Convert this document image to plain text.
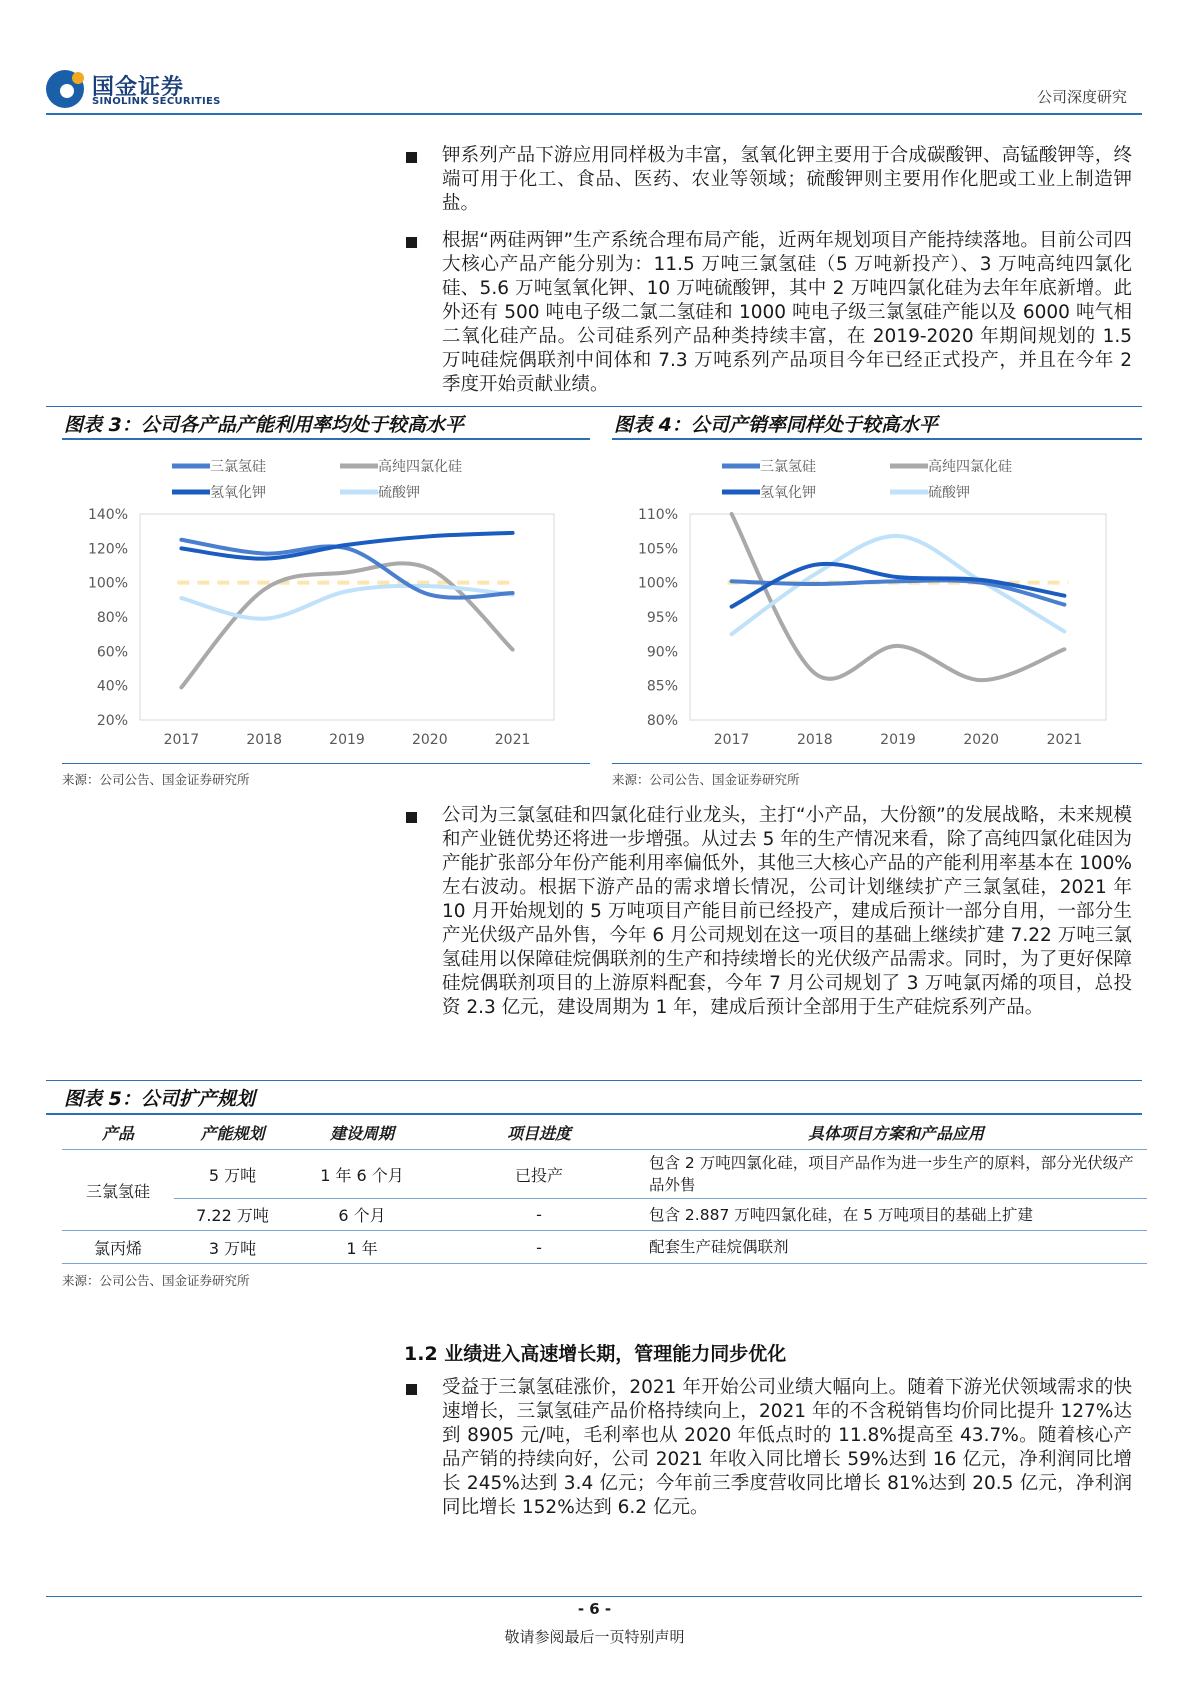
国金证券
SINOLINK SECURITIES	公司深度研究

钾系列产品下游应用同样极为丰富，氢氧化钾主要用于合成碳酸钾、高锰酸钾等，终端可用于化工、食品、医药、农业等领域；硫酸钾则主要用作化肥或工业上制造钾盐。

根据“两硅两钾”生产系统合理布局产能，近两年规划项目产能持续落地。目前公司四大核心产品产能分别为：11.5 万吨三氯氢硅（5 万吨新投产）、3 万吨高纯四氯化硅、5.6 万吨氢氧化钾、10 万吨硫酸钾，其中 2 万吨四氯化硅为去年年底新增。此外还有 500 吨电子级二氯二氢硅和 1000 吨电子级三氯氢硅产能以及 6000 吨气相二氧化硅产品。公司硅系列产品种类持续丰富，在 2019-2020 年期间规划的 1.5 万吨硅烷偶联剂中间体和 7.3 万吨系列产品项目今年已经正式投产，并且在今年 2 季度开始贡献业绩。

图表 3：公司各产品产能利用率均处于较高水平	图表 4：公司产销率同样处于较高水平
20%
40%
60%
80%
100%
120%
140%
2017	2018	2019	2020	2021
三氯氢硅	高纯四氯化硅
氢氧化钾	硫酸钾
80%
85%
90%
95%
100%
105%
110%
2017	2018	2019	2020	2021
三氯氢硅	高纯四氯化硅
氢氧化钾	硫酸钾
来源：公司公告、国金证券研究所	来源：公司公告、国金证券研究所

公司为三氯氢硅和四氯化硅行业龙头，主打“小产品，大份额”的发展战略，未来规模和产业链优势还将进一步增强。从过去 5 年的生产情况来看，除了高纯四氯化硅因为产能扩张部分年份产能利用率偏低外，其他三大核心产品的产能利用率基本在 100%左右波动。根据下游产品的需求增长情况，公司计划继续扩产三氯氢硅，2021 年 10 月开始规划的 5 万吨项目产能目前已经投产，建成后预计一部分自用，一部分生产光伏级产品外售，今年 6 月公司规划在这一项目的基础上继续扩建 7.22 万吨三氯氢硅用以保障硅烷偶联剂的生产和持续增长的光伏级产品需求。同时，为了更好保障硅烷偶联剂项目的上游原料配套，今年 7 月公司规划了 3 万吨氯丙烯的项目，总投资 2.3 亿元，建设周期为 1 年，建成后预计全部用于生产硅烷系列产品。

图表 5：公司扩产规划
产品	产能规划	建设周期	项目进度	具体项目方案和产品应用
三氯氢硅	5 万吨	1 年 6 个月	已投产	包含 2 万吨四氯化硅，项目产品作为进一步生产的原料，部分光伏级产品外售
	7.22 万吨	6 个月	-	包含 2.887 万吨四氯化硅，在 5 万吨项目的基础上扩建
氯丙烯	3 万吨	1 年	-	配套生产硅烷偶联剂
来源：公司公告、国金证券研究所
1.2 业绩进入高速增长期，管理能力同步优化

受益于三氯氢硅涨价，2021 年开始公司业绩大幅向上。随着下游光伏领域需求的快速增长，三氯氢硅产品价格持续向上，2021 年的不含税销售均价同比提升 127%达到 8905 元/吨，毛利率也从 2020 年低点时的 11.8%提高至 43.7%。随着核心产品产销的持续向好，公司 2021 年收入同比增长 59%达到 16 亿元，净利润同比增长 245%达到 3.4 亿元；今年前三季度营收同比增长 81%达到 20.5 亿元，净利润同比增长 152%达到 6.2 亿元。

- 6 -
敬请参阅最后一页特别声明
